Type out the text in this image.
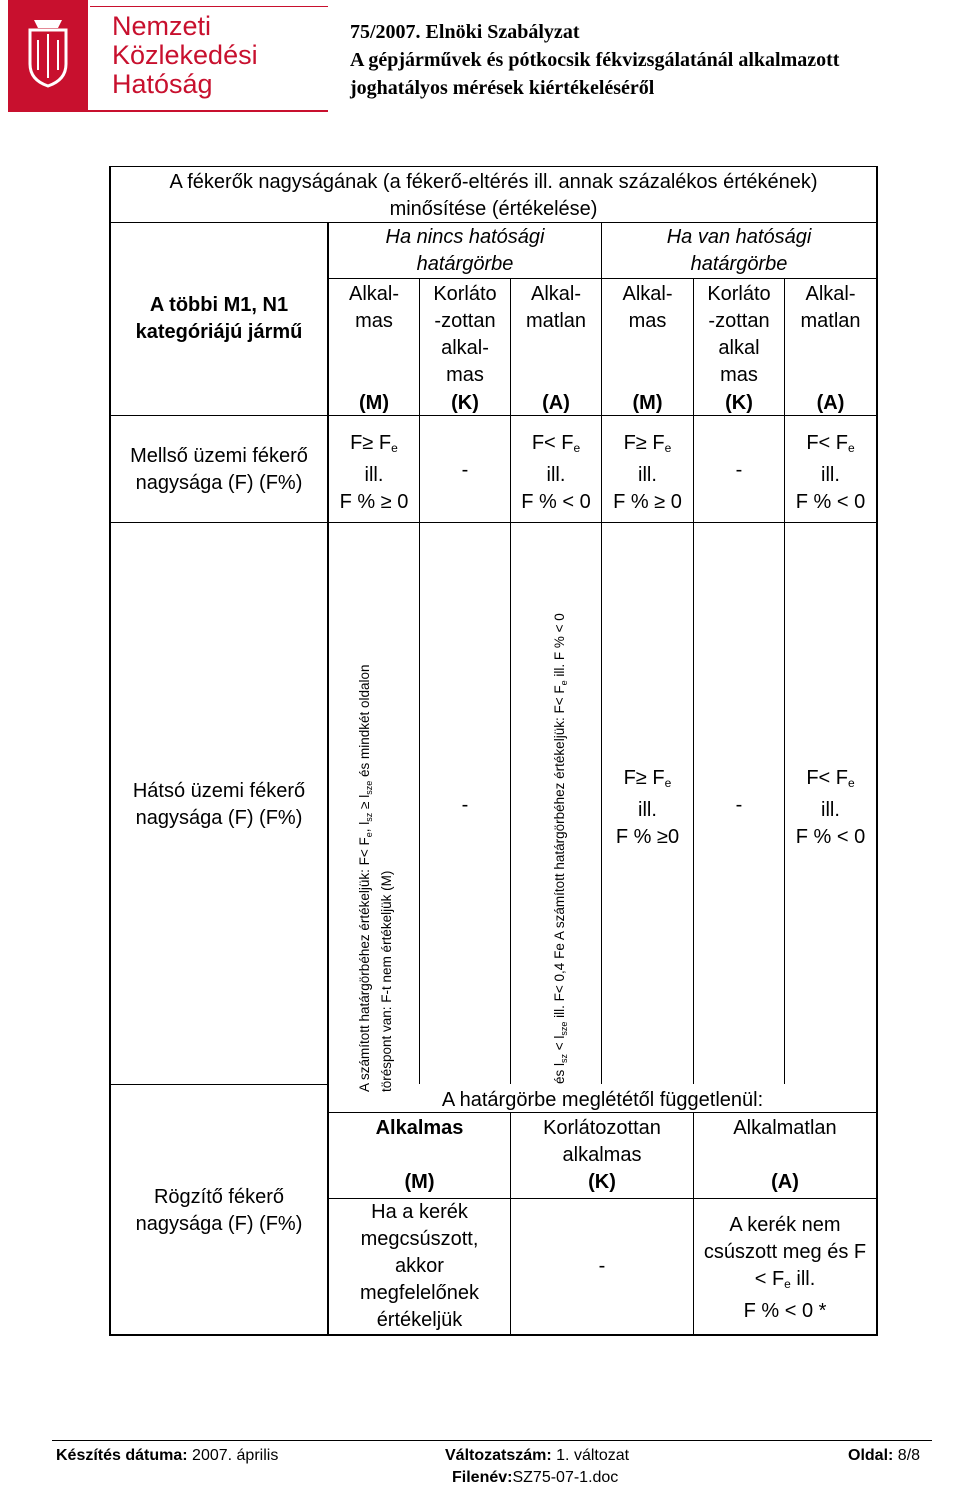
Nemzeti
Közlekedési
Hatóság
75/2007. Elnöki Szabályzat
A gépjárművek és pótkocsik fékvizsgálatánál alkalmazott
joghatályos mérések kiértékeléséről
A fékerők nagyságának (a fékerő-eltérés ill. annak százalékos értékének)
minősítése (értékelése)
A többi M1, N1
kategóriájú jármű
Ha nincs hatósági
határgörbe
Ha van hatósági
határgörbe
Alkal-
mas
(M)
Korláto
-zottan
alkal-
mas
(K)
Alkal-
matlan
(A)
Alkal-
mas
(M)
Korláto
-zottan
alkal
mas
(K)
Alkal-
matlan
(A)
Mellső üzemi fékerő
nagysága (F) (F%)
$F\ge F_e$
ill.
F % ≥ 0
-
$F< F_e$
ill.
F % < 0
$F\ge F_e$
ill.
F % ≥ 0
-
$F< F_e$
ill.
F % < 0
Hátsó üzemi fékerő
nagysága (F) (F%)
A számított határgörbéhez értékeljük: $F< F_e$, $l_{sz} \ge l_{sze}$ és mindkét oldalon
töréspont van: F-t nem értékeljük (M)
-
és $l_{sz} < l_{sze}$ ill. F< 0,4 Fe A számított határgörbéhez értékeljük: $F< F_e$ ill. F % < 0
$F\ge F_e$
ill.
F % ≥0
-
$F< F_e$
ill.
F % < 0
Rögzítő fékerő
nagysága (F) (F%)
A határgörbe meglététől függetlenül:
Alkalmas
(M)
Korlátozottan
alkalmas
(K)
Alkalmatlan
(A)
Ha a kerék
megcsúszott,
akkor
megfelelőnek
értékeljük
-
A kerék nem
csúszott meg és F
< $F_e$ ill.
F % < 0 *
Készítés dátuma: 2007. április	Változatszám: 1. változat	Oldal: 8/8
Filenév:SZ75-07-1.doc
